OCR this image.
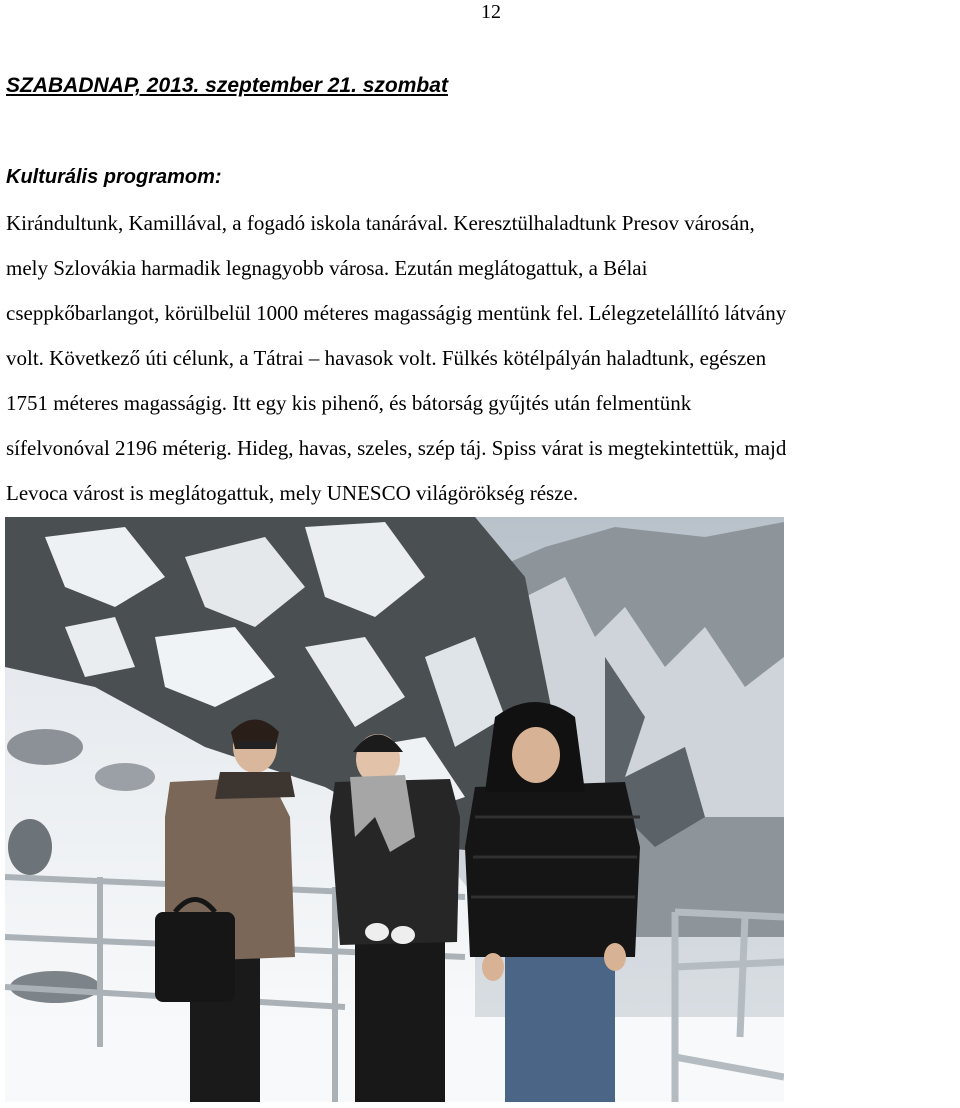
12
SZABADNAP, 2013. szeptember 21. szombat
Kulturális programom:

Kirándultunk, Kamillával, a fogadó iskola tanárával. Keresztülhaladtunk Presov városán,
mely Szlovákia harmadik legnagyobb városa. Ezután meglátogattuk, a Bélai
cseppkőbarlangot, körülbelül 1000 méteres magasságig mentünk fel. Lélegzetelállító látvány
volt. Következő úti célunk, a Tátrai – havasok volt. Fülkés kötélpályán haladtunk, egészen
1751 méteres magasságig. Itt egy kis pihenő, és bátorság gyűjtés után felmentünk
sífelvonóval 2196 méterig. Hideg, havas, szeles, szép táj. Spiss várat is megtekintettük, majd
Levoca várost is meglátogattuk, mely UNESCO világörökség része.
